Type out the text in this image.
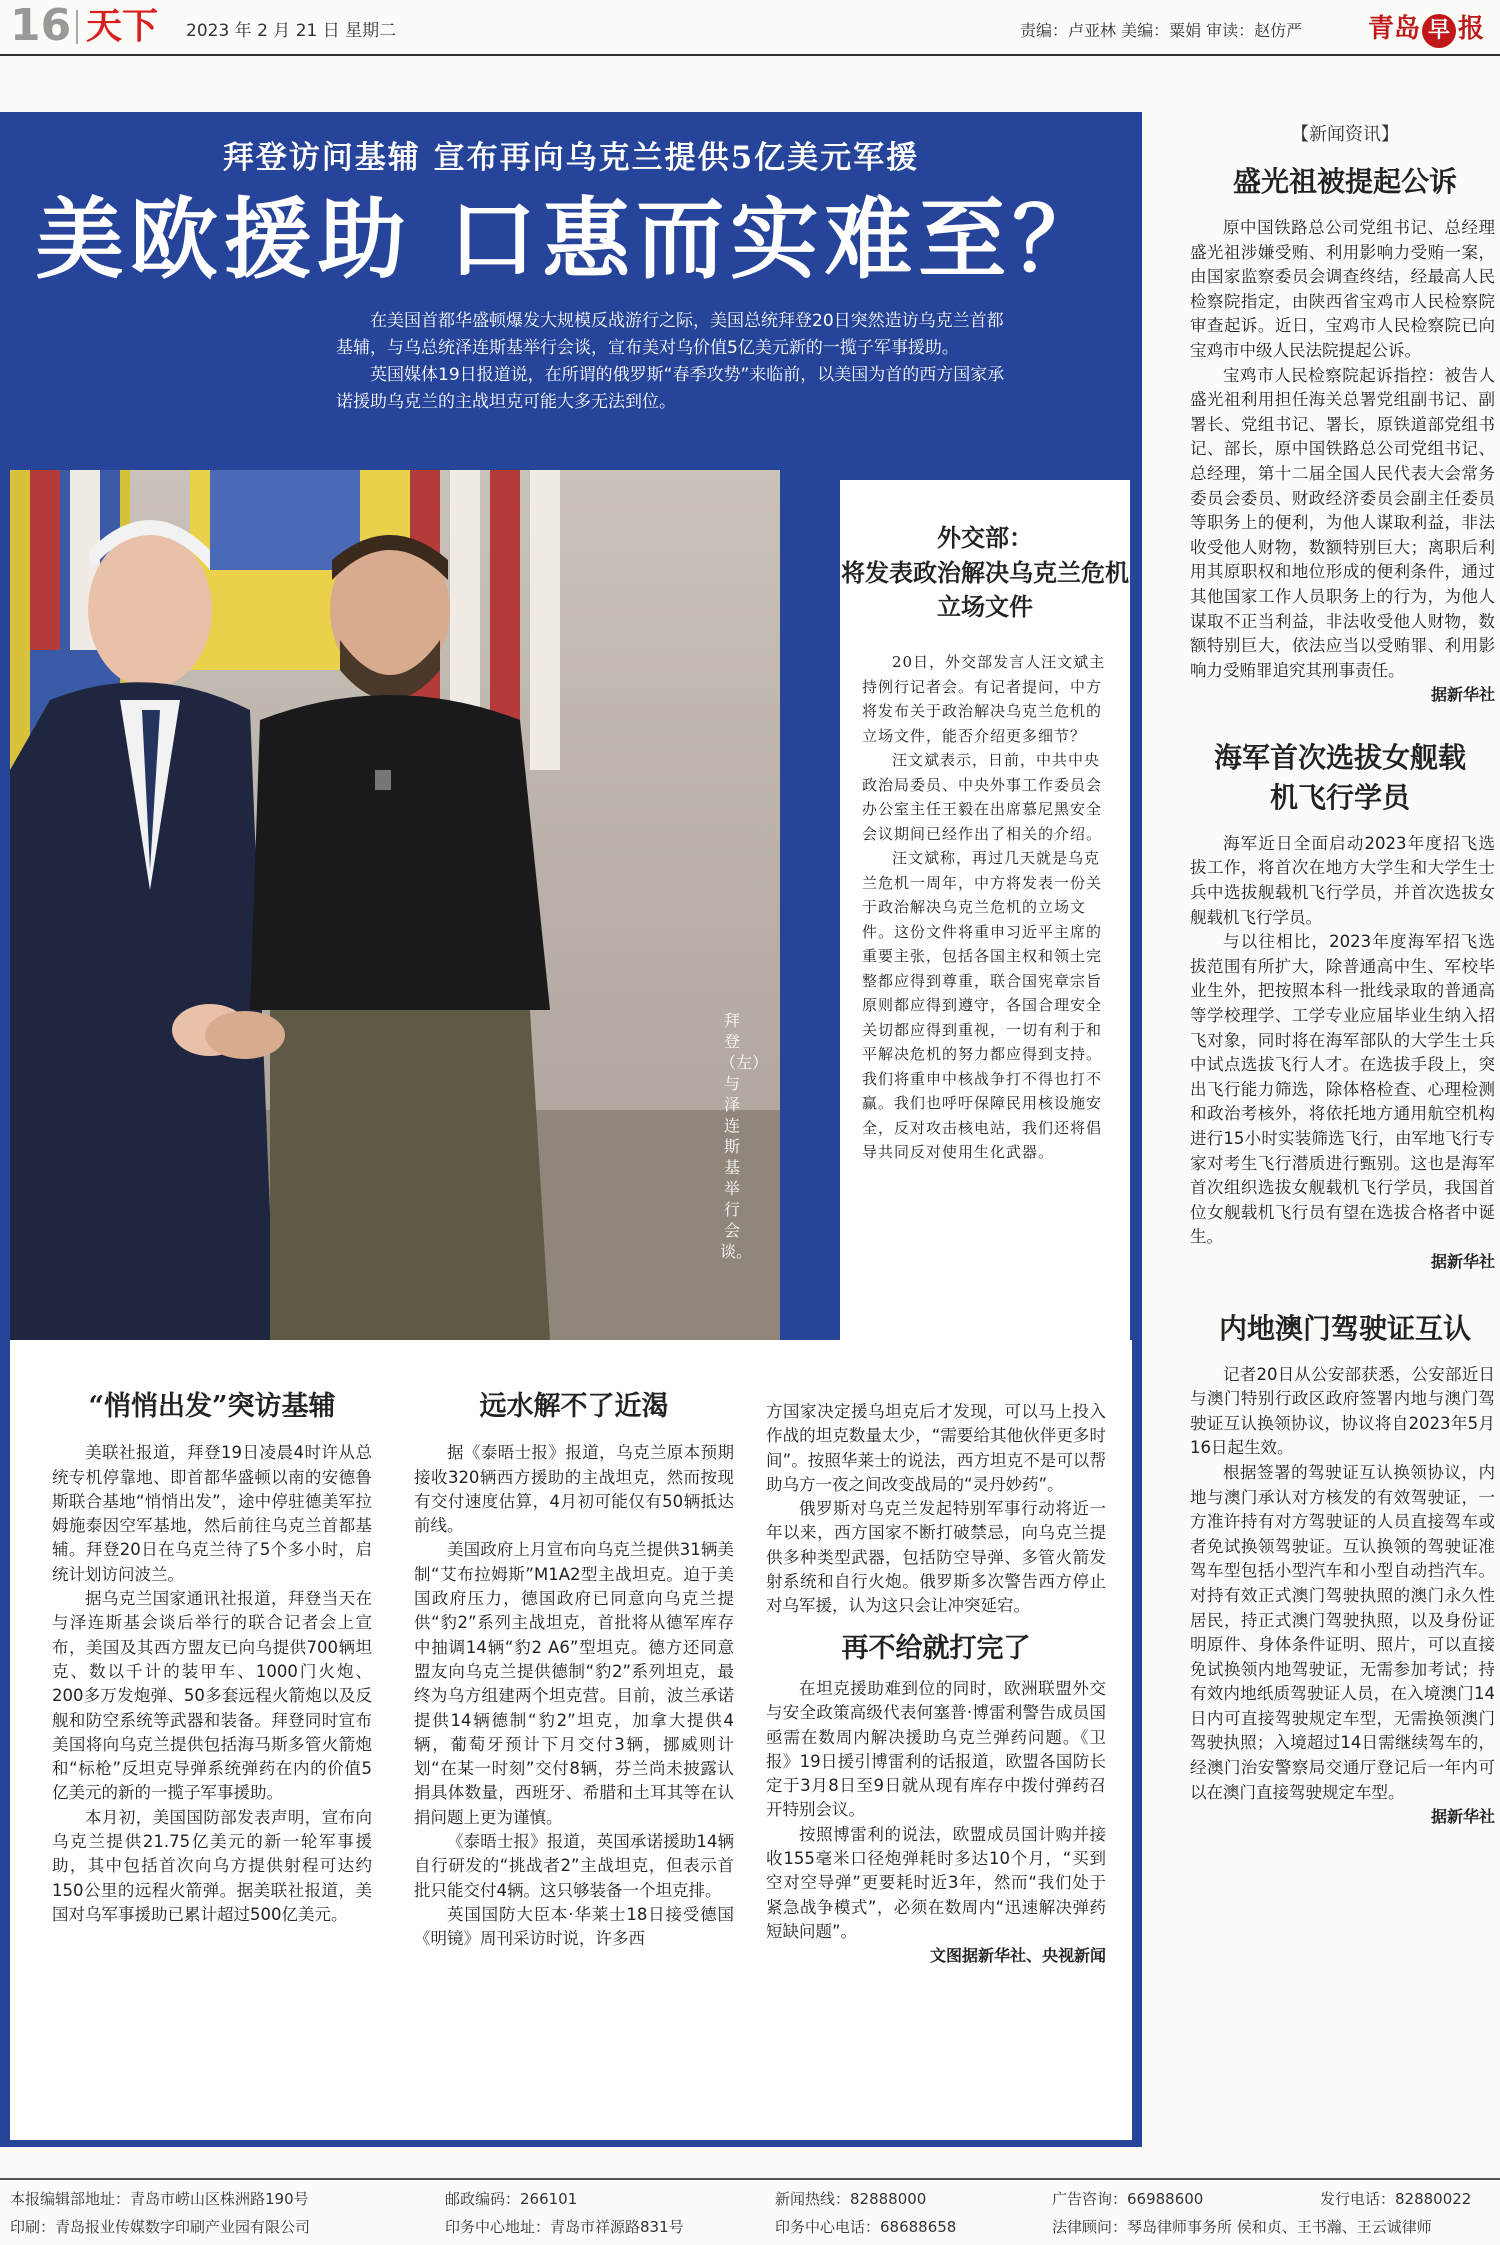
16 天下 2023 年 2 月 21 日 星期二	责编：卢亚林 美编：粟娟 审读：赵仿严	青岛 早 报
拜登访问基辅 宣布再向乌克兰提供5亿美元军援
美欧援助 口惠而实难至？

在美国首都华盛顿爆发大规模反战游行之际，美国总统拜登20日突然造访乌克兰首都基辅，与乌总统泽连斯基举行会谈，宣布美对乌价值5亿美元新的一揽子军事援助。

英国媒体19日报道说，在所谓的俄罗斯“春季攻势”来临前，以美国为首的西方国家承诺援助乌克兰的主战坦克可能大多无法到位。

拜登（左）与泽连斯基举行会谈。
外交部：
将发表政治解决乌克兰危机立场文件

20日，外交部发言人汪文斌主持例行记者会。有记者提问，中方将发布关于政治解决乌克兰危机的立场文件，能否介绍更多细节？

汪文斌表示，日前，中共中央政治局委员、中央外事工作委员会办公室主任王毅在出席慕尼黑安全会议期间已经作出了相关的介绍。

汪文斌称，再过几天就是乌克兰危机一周年，中方将发表一份关于政治解决乌克兰危机的立场文件。这份文件将重申习近平主席的重要主张，包括各国主权和领土完整都应得到尊重，联合国宪章宗旨原则都应得到遵守，各国合理安全关切都应得到重视，一切有利于和平解决危机的努力都应得到支持。我们将重申中核战争打不得也打不赢。我们也呼吁保障民用核设施安全，反对攻击核电站，我们还将倡导共同反对使用生化武器。

“悄悄出发”突访基辅

美联社报道，拜登19日凌晨4时许从总统专机停靠地、即首都华盛顿以南的安德鲁斯联合基地“悄悄出发”，途中停驻德美军拉姆施泰因空军基地，然后前往乌克兰首都基辅。拜登20日在乌克兰待了5个多小时，启统计划访问波兰。

据乌克兰国家通讯社报道，拜登当天在与泽连斯基会谈后举行的联合记者会上宣布，美国及其西方盟友已向乌提供700辆坦克、数以千计的装甲车、1000门火炮、200多万发炮弹、50多套远程火箭炮以及反舰和防空系统等武器和装备。拜登同时宣布美国将向乌克兰提供包括海马斯多管火箭炮和“标枪”反坦克导弹系统弹药在内的价值5亿美元的新的一揽子军事援助。

本月初，美国国防部发表声明，宣布向乌克兰提供21.75亿美元的新一轮军事援助，其中包括首次向乌方提供射程可达约150公里的远程火箭弹。据美联社报道，美国对乌军事援助已累计超过500亿美元。

远水解不了近渴

据《泰晤士报》报道，乌克兰原本预期接收320辆西方援助的主战坦克，然而按现有交付速度估算，4月初可能仅有50辆抵达前线。

美国政府上月宣布向乌克兰提供31辆美制“艾布拉姆斯”M1A2型主战坦克。迫于美国政府压力，德国政府已同意向乌克兰提供“豹2”系列主战坦克，首批将从德军库存中抽调14辆“豹2 A6”型坦克。德方还同意盟友向乌克兰提供德制“豹2”系列坦克，最终为乌方组建两个坦克营。目前，波兰承诺提供14辆德制“豹2”坦克，加拿大提供4辆，葡萄牙预计下月交付3辆，挪威则计划“在某一时刻”交付8辆，芬兰尚未披露认捐具体数量，西班牙、希腊和土耳其等在认捐问题上更为谨慎。

《泰晤士报》报道，英国承诺援助14辆自行研发的“挑战者2”主战坦克，但表示首批只能交付4辆。这只够装备一个坦克排。

英国国防大臣本·华莱士18日接受德国《明镜》周刊采访时说，许多西

方国家决定援乌坦克后才发现，可以马上投入作战的坦克数量太少，“需要给其他伙伴更多时间”。按照华莱士的说法，西方坦克不是可以帮助乌方一夜之间改变战局的“灵丹妙药”。

俄罗斯对乌克兰发起特别军事行动将近一年以来，西方国家不断打破禁忌，向乌克兰提供多种类型武器，包括防空导弹、多管火箭发射系统和自行火炮。俄罗斯多次警告西方停止对乌军援，认为这只会让冲突延宕。

再不给就打完了

在坦克援助难到位的同时，欧洲联盟外交与安全政策高级代表何塞普·博雷利警告成员国亟需在数周内解决援助乌克兰弹药问题。《卫报》19日援引博雷利的话报道，欧盟各国防长定于3月8日至9日就从现有库存中拨付弹药召开特别会议。

按照博雷利的说法，欧盟成员国计购并接收155毫米口径炮弹耗时多达10个月，“买到空对空导弹”更要耗时近3年，然而“我们处于紧急战争模式”，必须在数周内“迅速解决弹药短缺问题”。

文图据新华社、央视新闻
【新闻资讯】
盛光祖被提起公诉

原中国铁路总公司党组书记、总经理盛光祖涉嫌受贿、利用影响力受贿一案，由国家监察委员会调查终结，经最高人民检察院指定，由陕西省宝鸡市人民检察院审查起诉。近日，宝鸡市人民检察院已向宝鸡市中级人民法院提起公诉。

宝鸡市人民检察院起诉指控：被告人盛光祖利用担任海关总署党组副书记、副署长、党组书记、署长，原铁道部党组书记、部长，原中国铁路总公司党组书记、总经理，第十二届全国人民代表大会常务委员会委员、财政经济委员会副主任委员等职务上的便利，为他人谋取利益，非法收受他人财物，数额特别巨大；离职后利用其原职权和地位形成的便利条件，通过其他国家工作人员职务上的行为，为他人谋取不正当利益，非法收受他人财物，数额特别巨大，依法应当以受贿罪、利用影响力受贿罪追究其刑事责任。

据新华社
海军首次选拔女舰载机飞行学员

海军近日全面启动2023年度招飞选拔工作，将首次在地方大学生和大学生士兵中选拔舰载机飞行学员，并首次选拔女舰载机飞行学员。

与以往相比，2023年度海军招飞选拔范围有所扩大，除普通高中生、军校毕业生外，把按照本科一批线录取的普通高等学校理学、工学专业应届毕业生纳入招飞对象，同时将在海军部队的大学生士兵中试点选拔飞行人才。在选拔手段上，突出飞行能力筛选，除体格检查、心理检测和政治考核外，将依托地方通用航空机构进行15小时实装筛选飞行，由军地飞行专家对考生飞行潜质进行甄别。这也是海军首次组织选拔女舰载机飞行学员，我国首位女舰载机飞行员有望在选拔合格者中诞生。

据新华社
内地澳门驾驶证互认

记者20日从公安部获悉，公安部近日与澳门特别行政区政府签署内地与澳门驾驶证互认换领协议，协议将自2023年5月16日起生效。

根据签署的驾驶证互认换领协议，内地与澳门承认对方核发的有效驾驶证，一方准许持有对方驾驶证的人员直接驾车或者免试换领驾驶证。互认换领的驾驶证准驾车型包括小型汽车和小型自动挡汽车。对持有效正式澳门驾驶执照的澳门永久性居民，持正式澳门驾驶执照，以及身份证明原件、身体条件证明、照片，可以直接免试换领内地驾驶证，无需参加考试；持有效内地纸质驾驶证人员，在入境澳门14日内可直接驾驶规定车型，无需换领澳门驾驶执照；入境超过14日需继续驾车的，经澳门治安警察局交通厅登记后一年内可以在澳门直接驾驶规定车型。

据新华社
本报编辑部地址：青岛市崂山区株洲路190号	邮政编码：266101	新闻热线：82888000	广告咨询：66988600	发行电话：82880022
印刷：青岛报业传媒数字印刷产业园有限公司	印务中心地址：青岛市祥源路831号	印务中心电话：68688658	法律顾问：琴岛律师事务所 侯和贞、王书瀚、王云诚律师
